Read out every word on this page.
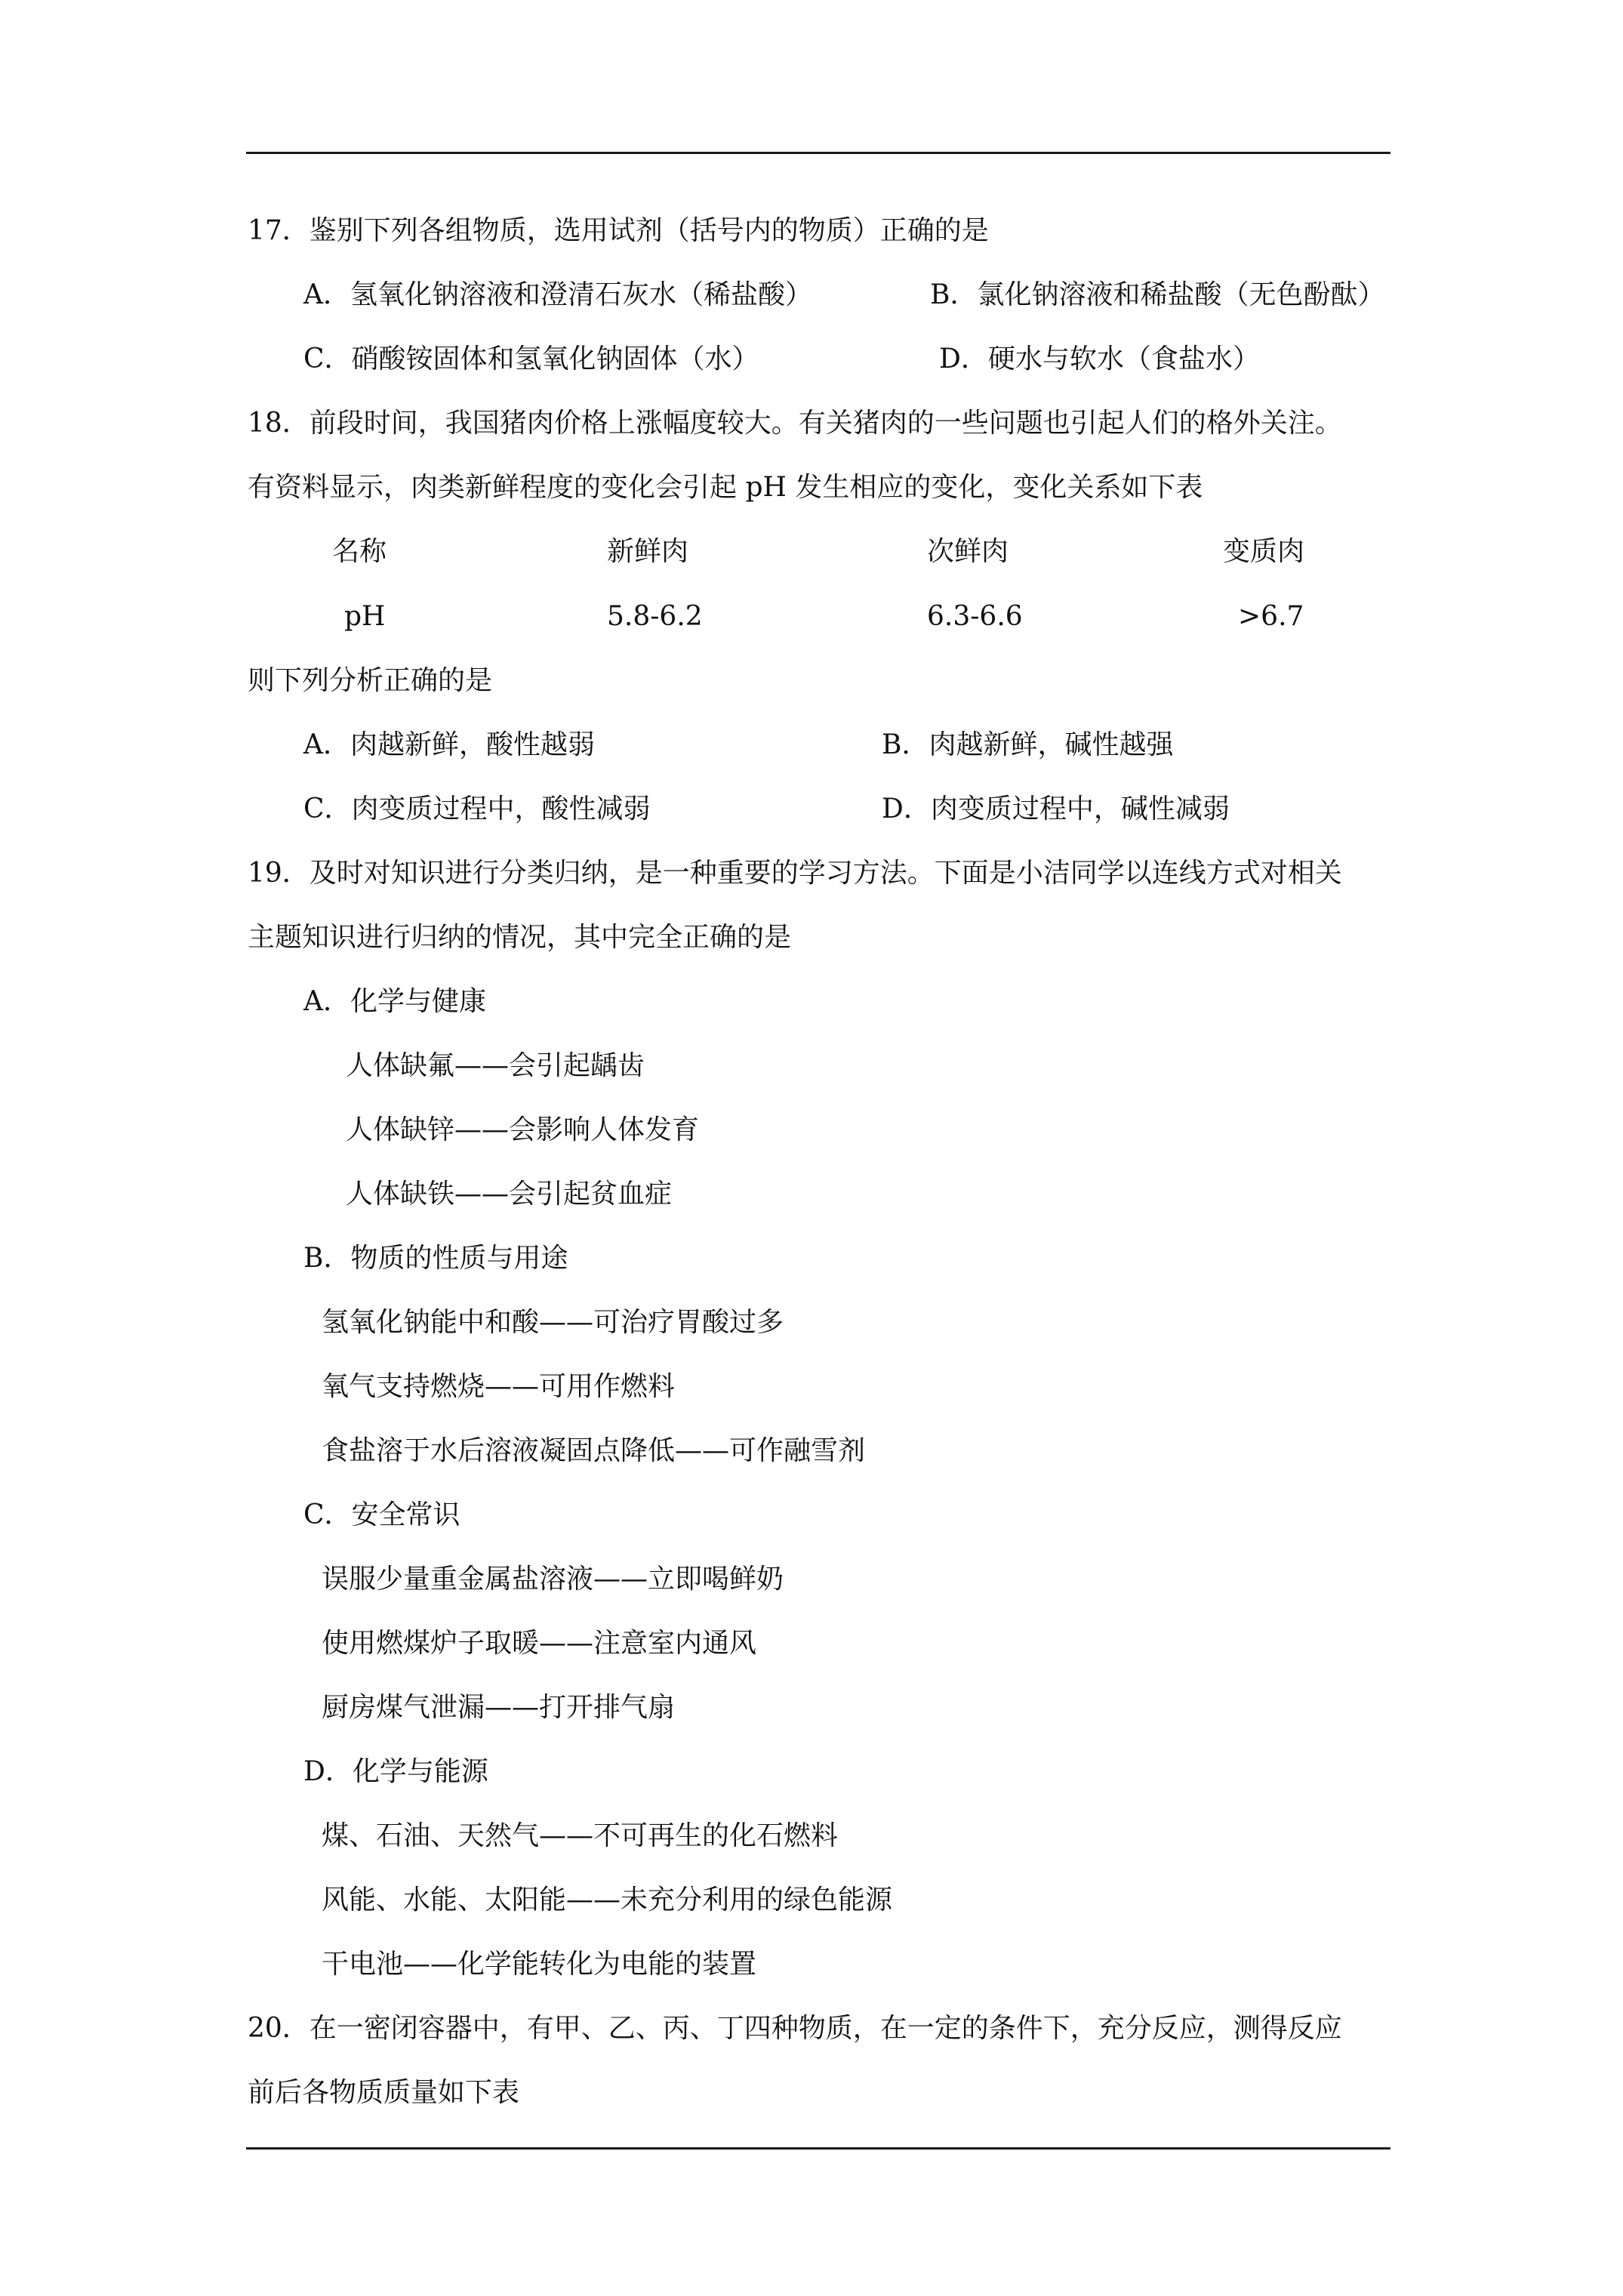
17．鉴别下列各组物质，选用试剂（括号内的物质）正确的是
A．氢氧化钠溶液和澄清石灰水（稀盐酸）	B．氯化钠溶液和稀盐酸（无色酚酞）
C．硝酸铵固体和氢氧化钠固体（水）	D．硬水与软水（食盐水）
18．前段时间，我国猪肉价格上涨幅度较大。有关猪肉的一些问题也引起人们的格外关注。
有资料显示，肉类新鲜程度的变化会引起 pH 发生相应的变化，变化关系如下表
名称	新鲜肉	次鲜肉	变质肉
pH	5.8-6.2	6.3-6.6	>6.7
则下列分析正确的是
A．肉越新鲜，酸性越弱	B．肉越新鲜，碱性越强
C．肉变质过程中，酸性减弱	D．肉变质过程中，碱性减弱
19．及时对知识进行分类归纳，是一种重要的学习方法。下面是小洁同学以连线方式对相关
主题知识进行归纳的情况，其中完全正确的是
A．化学与健康
人体缺氟——会引起龋齿
人体缺锌——会影响人体发育
人体缺铁——会引起贫血症
B．物质的性质与用途
氢氧化钠能中和酸——可治疗胃酸过多
氧气支持燃烧——可用作燃料
食盐溶于水后溶液凝固点降低——可作融雪剂
C．安全常识
误服少量重金属盐溶液——立即喝鲜奶
使用燃煤炉子取暖——注意室内通风
厨房煤气泄漏——打开排气扇
D．化学与能源
煤、石油、天然气——不可再生的化石燃料
风能、水能、太阳能——未充分利用的绿色能源
干电池——化学能转化为电能的装置
20．在一密闭容器中，有甲、乙、丙、丁四种物质，在一定的条件下，充分反应，测得反应
前后各物质质量如下表
